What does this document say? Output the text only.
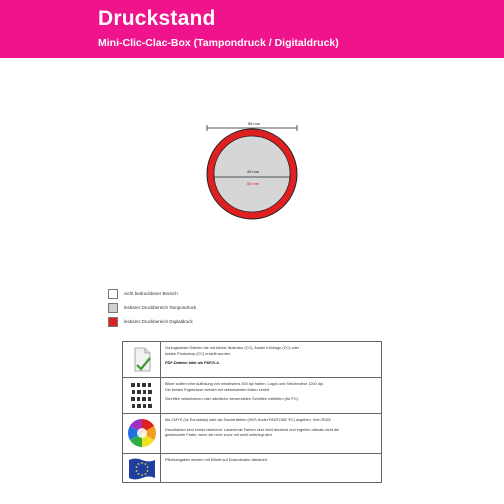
Druckstand
Mini-Clic-Clac-Box (Tampondruck / Digitaldruck)
55 mm
45 mm
55 mm
nicht bedruckbarer Bereich
lesbarer Druckbereich Tampondruck
lesbarer Druckbereich Digitaldruck
Vorzugsweise Dateien die mit Adobe Illustrator (CC), Adobe InDesign (CC) oder
Adobe Photoshop (CC) erstellt wurden.
PDF-Dateien bitte als PDF/X-4.
Bilder sollten eine Auflösung von mindestens 300 dpi haben. Logos und Strichmotive 1200 dpi.
Die besten Ergebnisse werden mit vektorisierten Daten erzielt.
Schriften vektorisieren oder sämtliche verwendeten Schriften mitliefern (für PC).
Als CMYK (4c Euroskala) oder als Sonderfarben (HKS-Koder PANTONE ®C) angeben. Kein RGB!
Druckfarben sind immer lasierend. Lasierende Farben sind nicht deckend und ergeben oftmals nicht die
gewünschte Farbe, wenn sie nicht zuvor mit weiß unterlegt wird.
Pflichtangaben werden mit Etikett auf Dosenboden deklariert.
